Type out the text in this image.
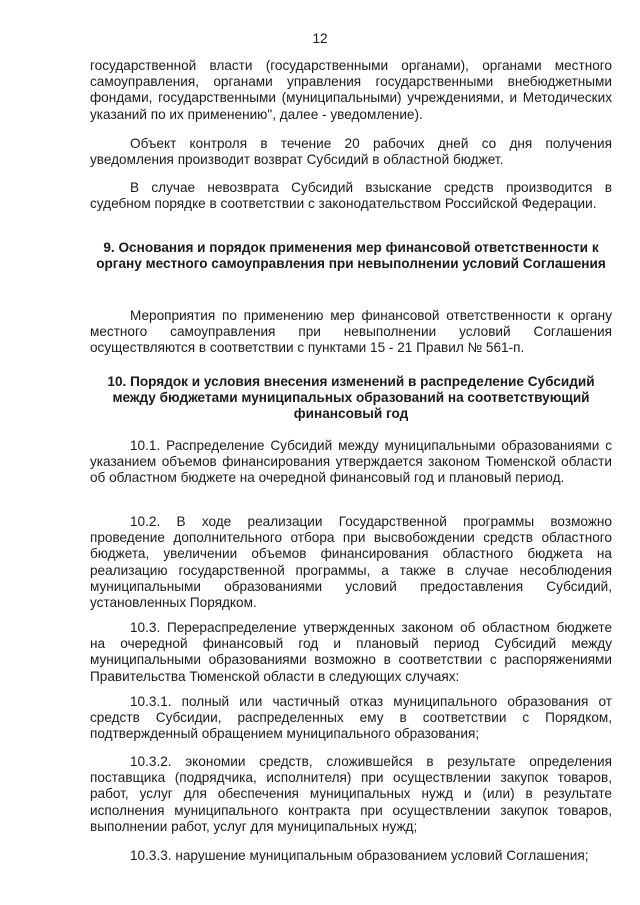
12

государственной власти (государственными органами), органами местного самоуправления, органами управления государственными внебюджетными фондами, государственными (муниципальными) учреждениями, и Методических указаний по их применению", далее - уведомление).

Объект контроля в течение 20 рабочих дней со дня получения уведомления производит возврат Субсидий в областной бюджет.

В случае невозврата Субсидий взыскание средств производится в судебном порядке в соответствии с законодательством Российской Федерации.

9. Основания и порядок применения мер финансовой ответственности к органу местного самоуправления при невыполнении условий Соглашения

Мероприятия по применению мер финансовой ответственности к органу местного самоуправления при невыполнении условий Соглашения осуществляются в соответствии с пунктами 15 - 21 Правил № 561-п.

10. Порядок и условия внесения изменений в распределение Субсидий между бюджетами муниципальных образований на соответствующий финансовый год

10.1. Распределение Субсидий между муниципальными образованиями с указанием объемов финансирования утверждается законом Тюменской области об областном бюджете на очередной финансовый год и плановый период.

10.2. В ходе реализации Государственной программы возможно проведение дополнительного отбора при высвобождении средств областного бюджета, увеличении объемов финансирования областного бюджета на реализацию государственной программы, а также в случае несоблюдения муниципальными образованиями условий предоставления Субсидий, установленных Порядком.

10.3. Перераспределение утвержденных законом об областном бюджете на очередной финансовый год и плановый период Субсидий между муниципальными образованиями возможно в соответствии с распоряжениями Правительства Тюменской области в следующих случаях:

10.3.1. полный или частичный отказ муниципального образования от средств Субсидии, распределенных ему в соответствии с Порядком, подтвержденный обращением муниципального образования;

10.3.2. экономии средств, сложившейся в результате определения поставщика (подрядчика, исполнителя) при осуществлении закупок товаров, работ, услуг для обеспечения муниципальных нужд и (или) в результате исполнения муниципального контракта при осуществлении закупок товаров, выполнении работ, услуг для муниципальных нужд;

10.3.3. нарушение муниципальным образованием условий Соглашения;
